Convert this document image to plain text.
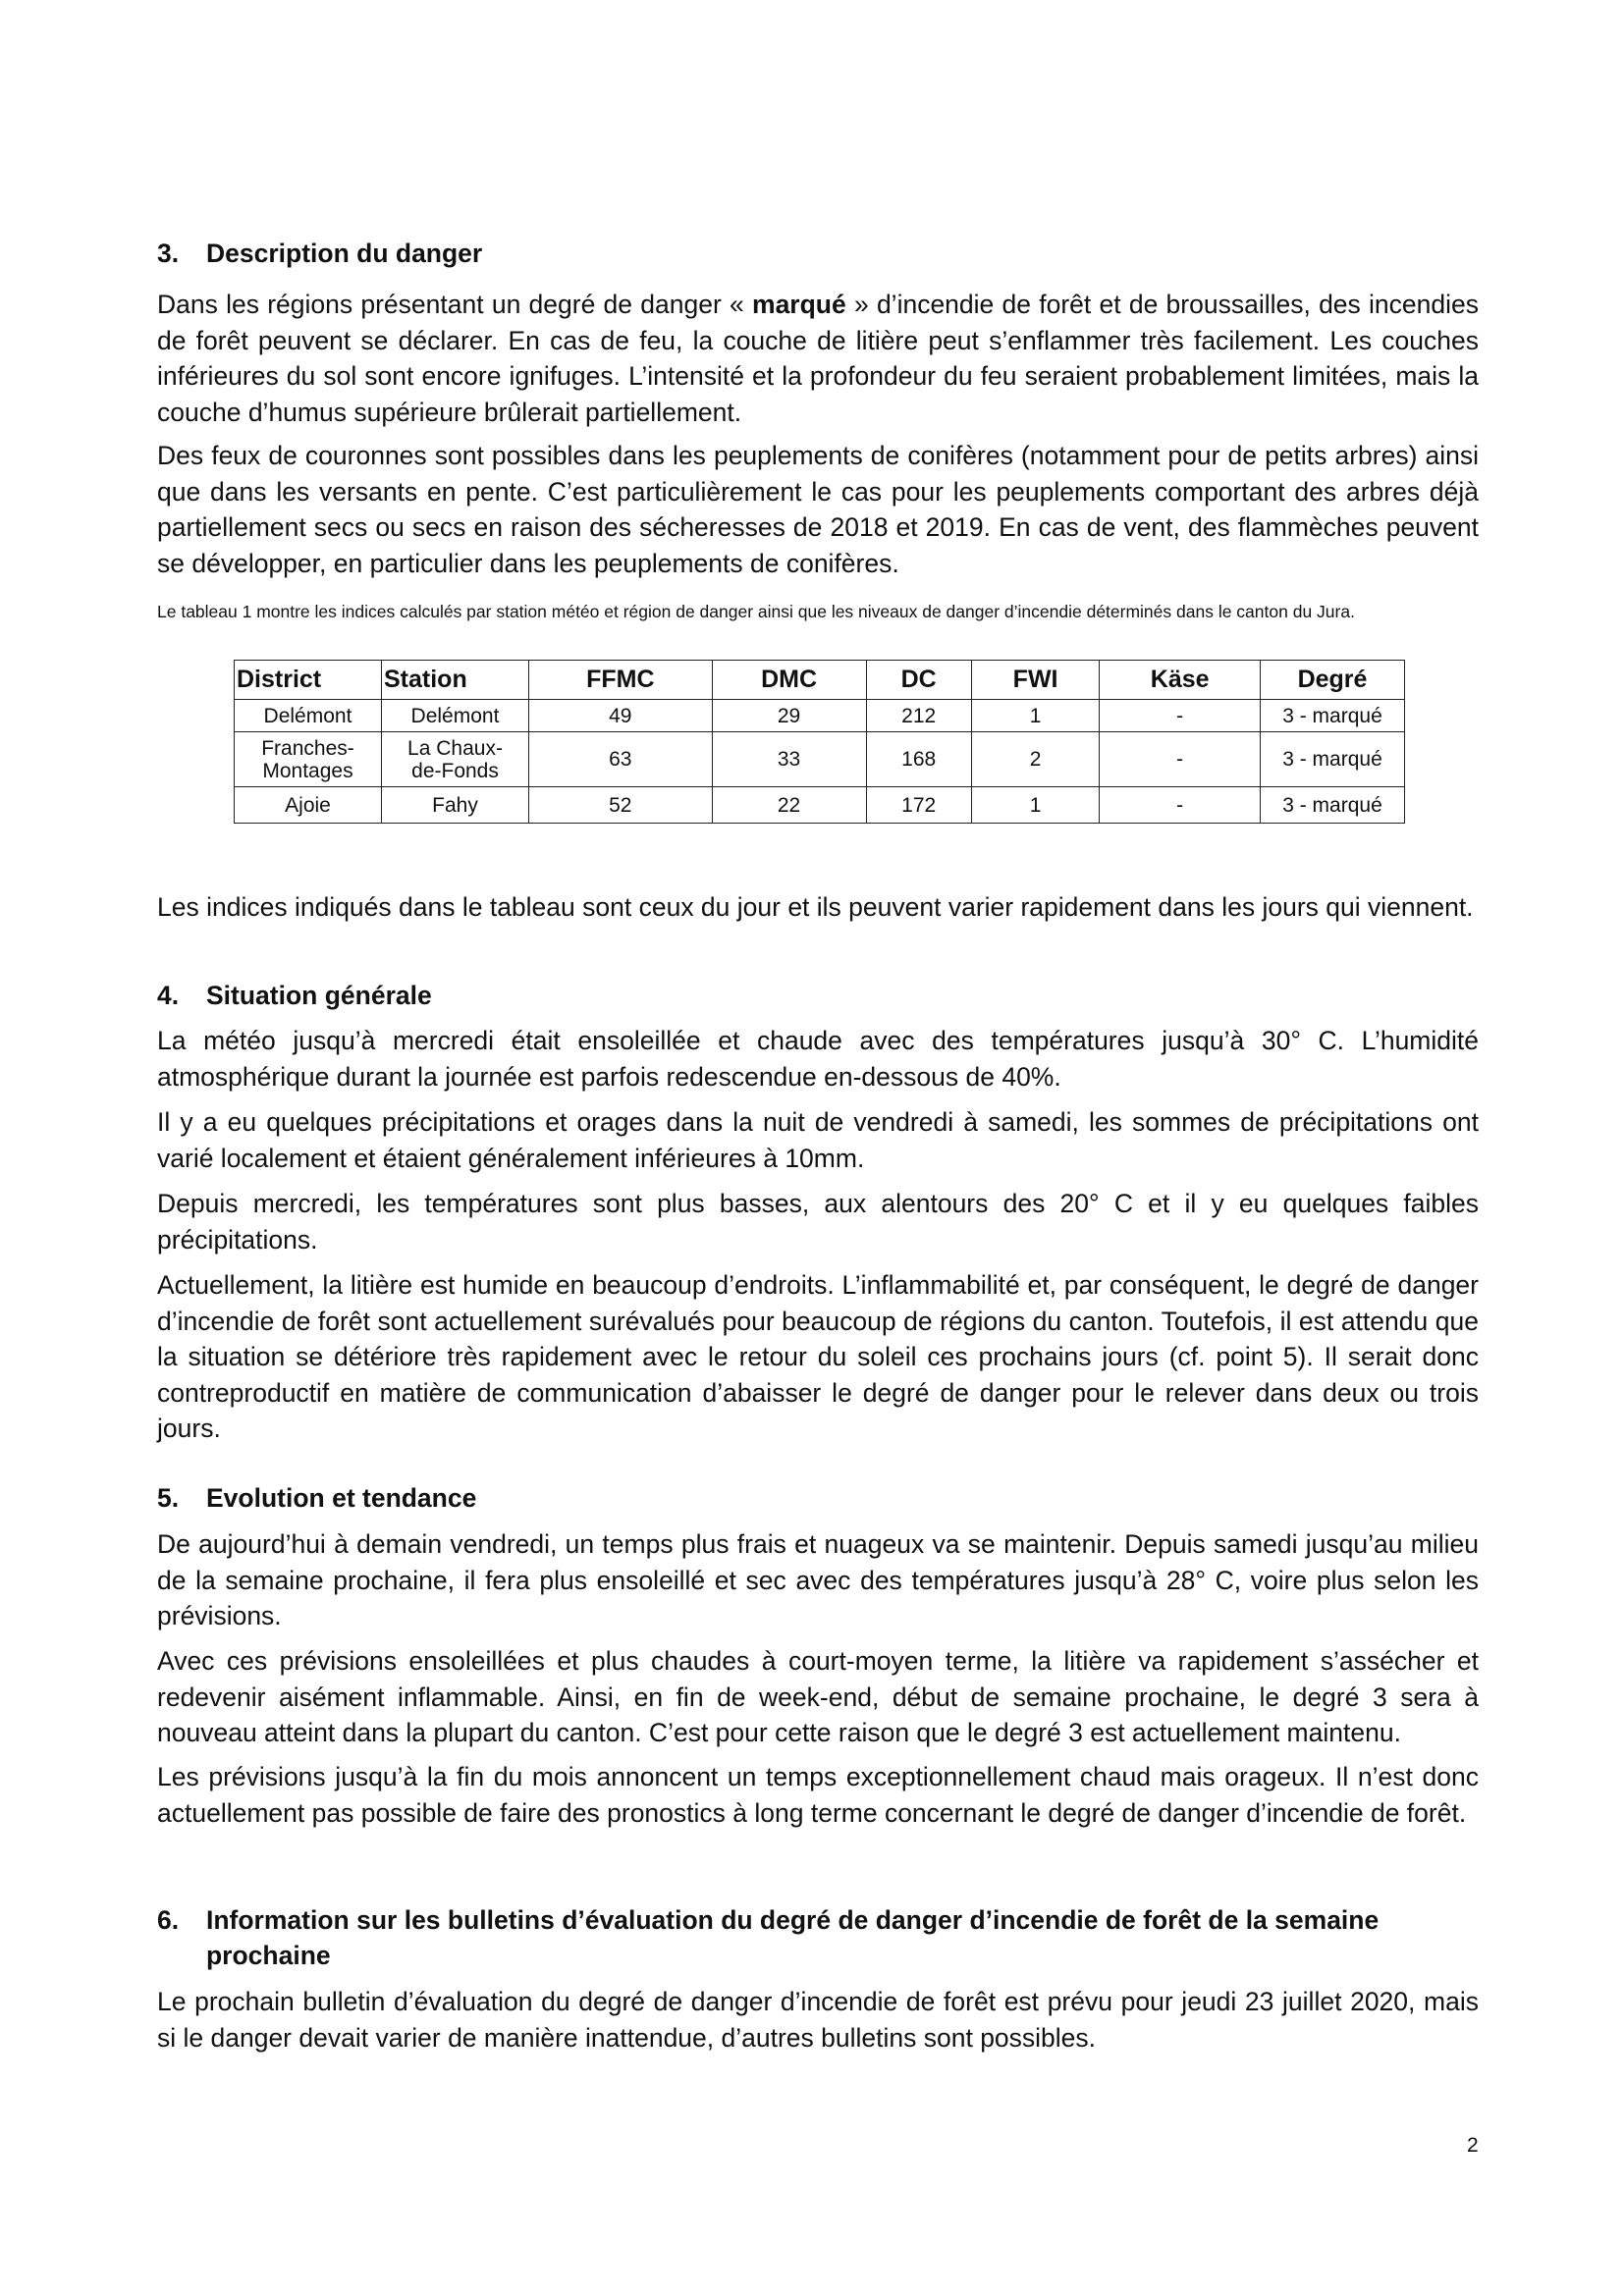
3.	Description du danger

Dans les régions présentant un degré de danger « marqué » d’incendie de forêt et de broussailles, des incendies de forêt peuvent se déclarer. En cas de feu, la couche de litière peut s’enflammer très facilement. Les couches inférieures du sol sont encore ignifuges. L’intensité et la profondeur du feu seraient probablement limitées, mais la couche d’humus supérieure brûlerait partiellement.

Des feux de couronnes sont possibles dans les peuplements de conifères (notamment pour de petits arbres) ainsi que dans les versants en pente. C’est particulièrement le cas pour les peuplements comportant des arbres déjà partiellement secs ou secs en raison des sécheresses de 2018 et 2019. En cas de vent, des flammèches peuvent se développer, en particulier dans les peuplements de conifères.

Le tableau 1 montre les indices calculés par station météo et région de danger ainsi que les niveaux de danger d’incendie déterminés dans le canton du Jura.

District	Station	FFMC	DMC	DC	FWI	Käse	Degré
Delémont	Delémont	49	29	212	1	-	3 - marqué
Franches-Montages	La Chaux-de-Fonds	63	33	168	2	-	3 - marqué
Ajoie	Fahy	52	22	172	1	-	3 - marqué

Les indices indiqués dans le tableau sont ceux du jour et ils peuvent varier rapidement dans les jours qui viennent.

4.	Situation générale

La météo jusqu’à mercredi était ensoleillée et chaude avec des températures jusqu’à 30° C. L’humidité atmosphérique durant la journée est parfois redescendue en-dessous de 40%.

Il y a eu quelques précipitations et orages dans la nuit de vendredi à samedi, les sommes de précipitations ont varié localement et étaient généralement inférieures à 10mm.

Depuis mercredi, les températures sont plus basses, aux alentours des 20° C et il y eu quelques faibles précipitations.

Actuellement, la litière est humide en beaucoup d’endroits. L’inflammabilité et, par conséquent, le degré de danger d’incendie de forêt sont actuellement surévalués pour beaucoup de régions du canton. Toutefois, il est attendu que la situation se détériore très rapidement avec le retour du soleil ces prochains jours (cf. point 5). Il serait donc contreproductif en matière de communication d’abaisser le degré de danger pour le relever dans deux ou trois jours.

5.	Evolution et tendance

De aujourd’hui à demain vendredi, un temps plus frais et nuageux va se maintenir. Depuis samedi jusqu’au milieu de la semaine prochaine, il fera plus ensoleillé et sec avec des températures jusqu’à 28° C, voire plus selon les prévisions.

Avec ces prévisions ensoleillées et plus chaudes à court-moyen terme, la litière va rapidement s’assécher et redevenir aisément inflammable. Ainsi, en fin de week-end, début de semaine prochaine, le degré 3 sera à nouveau atteint dans la plupart du canton. C’est pour cette raison que le degré 3 est actuellement maintenu.

Les prévisions jusqu’à la fin du mois annoncent un temps exceptionnellement chaud mais orageux. Il n’est donc actuellement pas possible de faire des pronostics à long terme concernant le degré de danger d’incendie de forêt.

6.	Information sur les bulletins d’évaluation du degré de danger d’incendie de forêt de la semaine prochaine

Le prochain bulletin d’évaluation du degré de danger d’incendie de forêt est prévu pour jeudi 23 juillet 2020, mais si le danger devait varier de manière inattendue, d’autres bulletins sont possibles.

2
